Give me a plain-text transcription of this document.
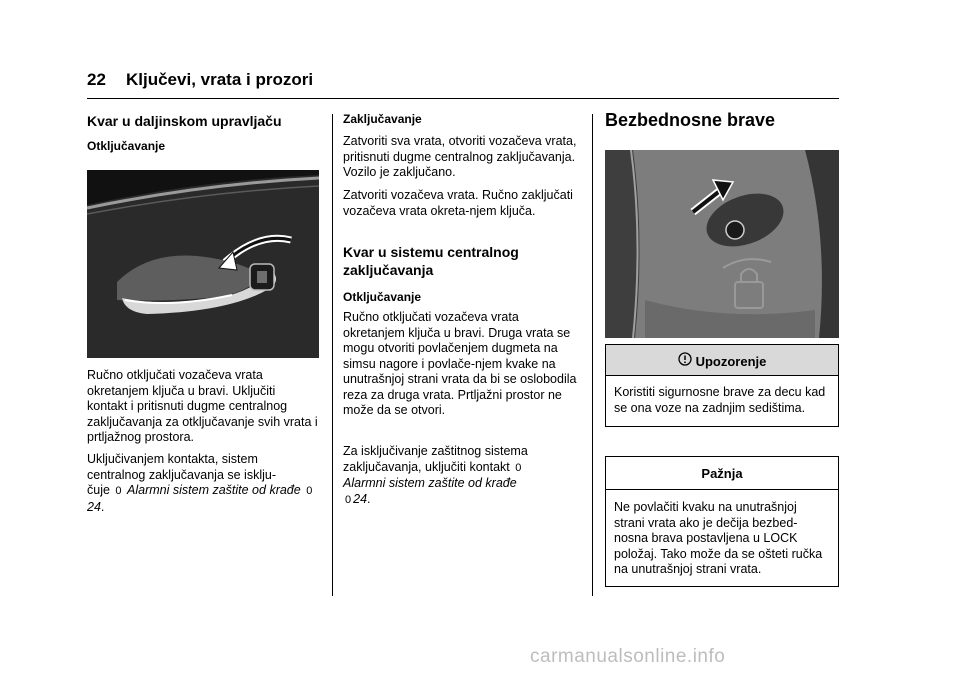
22 Ključevi, vrata i prozori
Kvar u daljinskom upravljaču
Otključavanje

Ručno otključati vozačeva vrata okretanjem ključa u bravi. Uključiti kontakt i pritisnuti dugme centralnog zaključavanja za otključavanje svih vrata i prtljažnog prostora.

Uključivanjem kontakta, sistem centralnog zaključavanja se isklju-
čuje 0 Alarmni sistem zaštite od krađe 024.

Zaključavanje

Zatvoriti sva vrata, otvoriti vozačeva vrata, pritisnuti dugme centralnog zaključavanja. Vozilo je zaključano.

Zatvoriti vozačeva vrata. Ručno zaključati vozačeva vrata okreta-njem ključa.

Kvar u sistemu centralnog zaključavanja
Otključavanje

Ručno otključati vozačeva vrata okretanjem ključa u bravi. Druga vrata se mogu otvoriti povlačenjem dugmeta na simsu nagore i povlače-njem kvake na unutrašnjoj strani vrata da bi se oslobodila reza za druga vrata. Prtljažni prostor ne može da se otvori.

Za isključivanje zaštitnog sistema zaključavanja, uključiti kontakt 0
Alarmni sistem zaštite od krađe
0 24.

Bezbednosne brave
Upozorenje
Koristiti sigurnosne brave za decu kad se ona voze na zadnjim sedištima.
Pažnja
Ne povlačiti kvaku na unutrašnjoj strani vrata ako je dečija bezbed-nosna brava postavljena u LOCK položaj. Tako može da se ošteti ručka na unutrašnjoj strani vrata.
carmanualsonline.info
